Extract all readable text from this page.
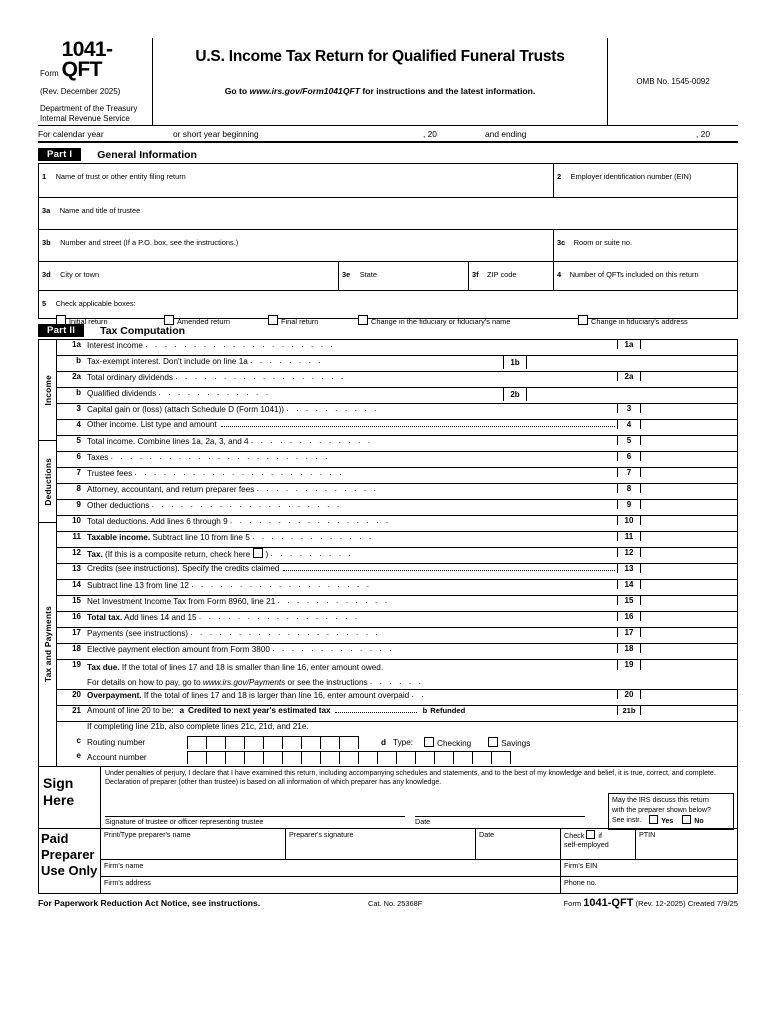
Form
1041-QFT
(Rev. December 2025)
Department of the Treasury
Internal Revenue Service
U.S. Income Tax Return for Qualified Funeral Trusts
Go to www.irs.gov/Form1041QFT for instructions and the latest information.
OMB No. 1545-0092
For calendar year	or short year beginning	, 20	and ending	, 20
Part I	General Information
1 Name of trust or other entity filing return	2 Employer identification number (EIN)
3a Name and title of trustee
3b Number and street (If a P.O. box, see the instructions.)	3c Room or suite no.
3d City or town	3e State	3f ZIP code	4 Number of QFTs included on this return
5 Check applicable boxes:
Initial return	Amended return	Final return	Change in the fiduciary or fiduciary's name	Change in fiduciary's address
Part II	Tax Computation
Income
Deductions
Tax and Payments
1a Interest income . . . . . . . . . . . . . . . . . . . .	1a
b Tax-exempt interest. Don't include on line 1a . . . . . . . .	1b
2a Total ordinary dividends . . . . . . . . . . . . . . . . . .	2a
b Qualified dividends . . . . . . . . . . . .	2b
3 Capital gain or (loss) (attach Schedule D (Form 1041)) . . . . . . . . . .	3
4 Other income. List type and amount	4
5 Total income. Combine lines 1a, 2a, 3, and 4 . . . . . . . . . . . . .	5
6 Taxes . . . . . . . . . . . . . . . . . . . . . . .	6
7 Trustee fees . . . . . . . . . . . . . . . . . . . . . .	7
8 Attorney, accountant, and return preparer fees . . . . . . . . . . . . .	8
9 Other deductions . . . . . . . . . . . . . . . . . . . .	9
10 Total deductions. Add lines 6 through 9 . . . . . . . . . . . . . . . . .	10
11 Taxable income. Subtract line 10 from line 5 . . . . . . . . . . . . .	11
12 Tax. (If this is a composite return, check here ) . . . . . . . . .	12
13 Credits (see instructions). Specify the credits claimed	13
14 Subtract line 13 from line 12 . . . . . . . . . . . . . . . . . . .	14
15 Net Investment Income Tax from Form 8960, line 21 . . . . . . . . . . . .	15
16 Total tax. Add lines 14 and 15 . . . . . . . . . . . . . . . . .	16
17 Payments (see instructions) . . . . . . . . . . . . . . . . . . . .	17
18 Elective payment election amount from Form 3800 . . . . . . . . . . . . .	18
19 Tax due. If the total of lines 17 and 18 is smaller than line 16, enter amount owed.
For details on how to pay, go to www.irs.gov/Payments or see the instructions . . . . . .
19
20 Overpayment. If the total of lines 17 and 18 is larger than line 16, enter amount overpaid . .	20
21 Amount of line 20 to be: a Credited to next year's estimated tax	b Refunded	21b
If completing line 21b, also complete lines 21c, 21d, and 21e.
c Routing number	d Type:	Checking	Savings
e Account number
Sign
Here
Under penalties of perjury, I declare that I have examined this return, including accompanying schedules and statements, and to the best of my knowledge and belief, it is true, correct, and complete. Declaration of preparer (other than trustee) is based on all information of which preparer has any knowledge.
Signature of trustee or officer representing trustee	Date
May the IRS discuss this return
with the preparer shown below?
See instr.	Yes	No
Paid
Preparer
Use Only
Print/Type preparer's name	Preparer's signature	Date	Check if
self-employed
PTIN
Firm's name	Firm's EIN
Firm's address	Phone no.
For Paperwork Reduction Act Notice, see instructions.	Cat. No. 25368F	Form 1041-QFT (Rev. 12-2025) Created 7/9/25
